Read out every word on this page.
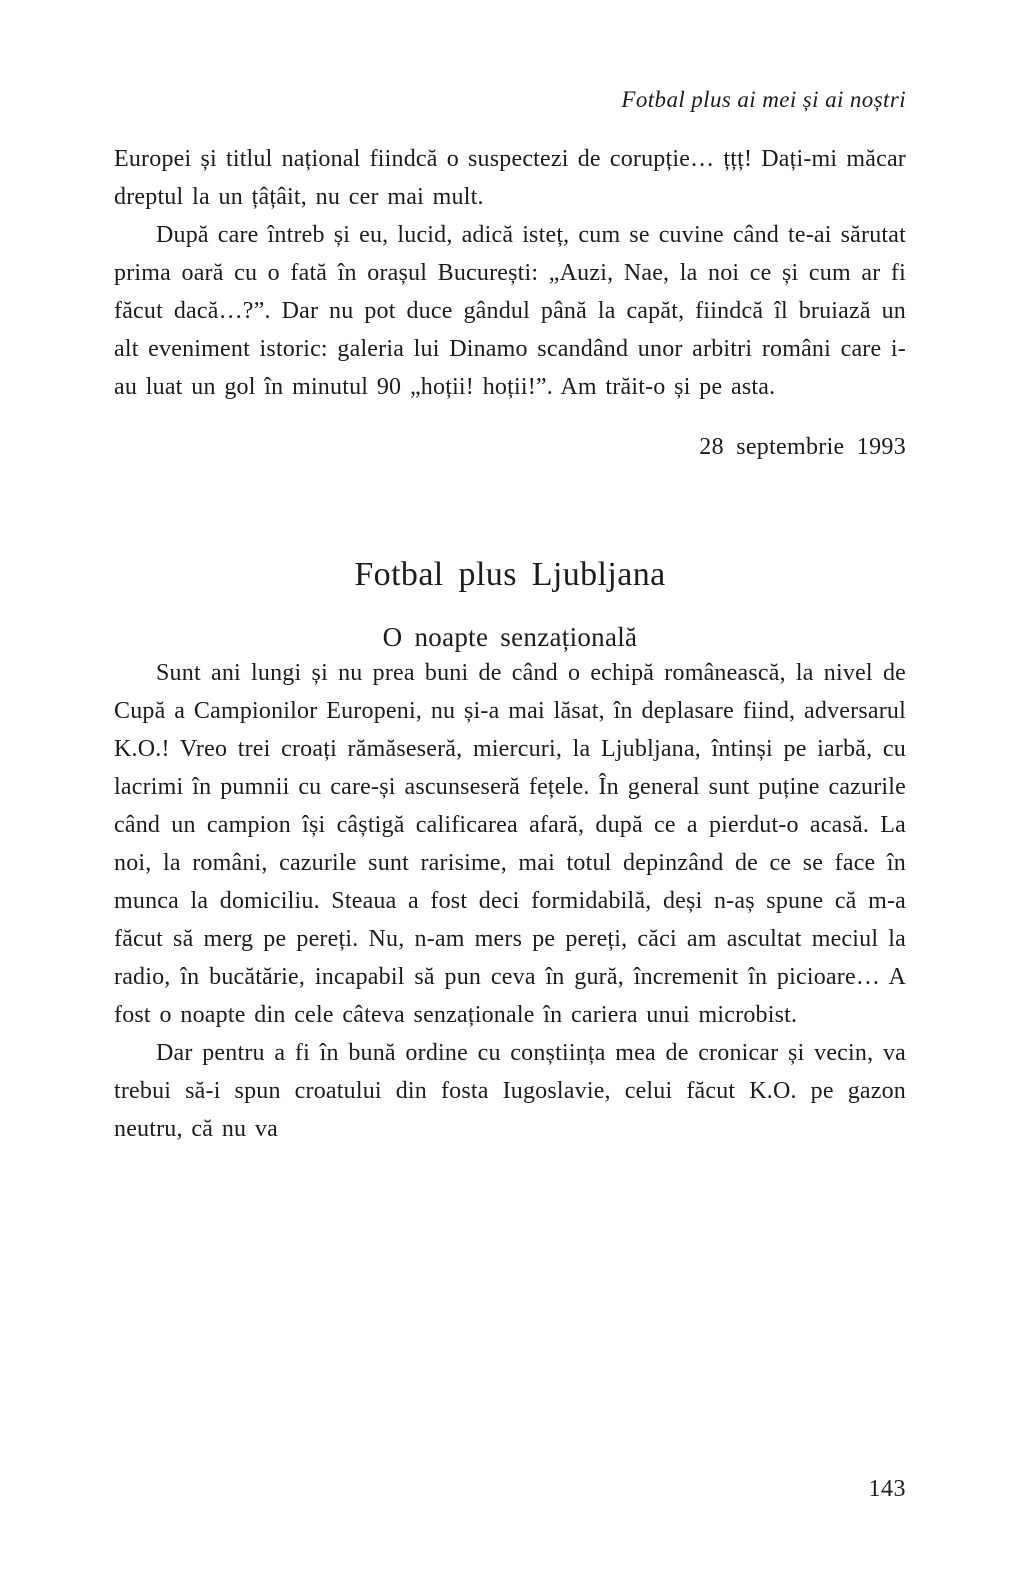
Fotbal plus ai mei și ai noștri

Europei și titlul național fiindcă o suspectezi de corupție… țțț! Dați-mi măcar dreptul la un țâțâit, nu cer mai mult.

După care întreb și eu, lucid, adică isteț, cum se cuvine când te-ai sărutat prima oară cu o fată în orașul București: „Auzi, Nae, la noi ce și cum ar fi făcut dacă…?”. Dar nu pot duce gândul până la capăt, fiindcă îl bruiază un alt eveniment istoric: galeria lui Dinamo scandând unor arbitri români care i-au luat un gol în minutul 90 „hoții! hoții!”. Am trăit-o și pe asta.

28 septembrie 1993
Fotbal plus Ljubljana
O noapte senzațională

Sunt ani lungi și nu prea buni de când o echipă românească, la nivel de Cupă a Campionilor Europeni, nu și-a mai lăsat, în deplasare fiind, adversarul K.O.! Vreo trei croați rămăseseră, miercuri, la Ljubljana, întinși pe iarbă, cu lacrimi în pumnii cu care-și ascunseseră fețele. În general sunt puține cazurile când un campion își câștigă calificarea afară, după ce a pierdut-o acasă. La noi, la români, cazurile sunt rarisime, mai totul depinzând de ce se face în munca la domiciliu. Steaua a fost deci formidabilă, deși n-aș spune că m-a făcut să merg pe pereți. Nu, n-am mers pe pereți, căci am ascultat meciul la radio, în bucătărie, incapabil să pun ceva în gură, încremenit în picioare… A fost o noapte din cele câteva senzaționale în cariera unui microbist.

Dar pentru a fi în bună ordine cu conștiința mea de cronicar și vecin, va trebui să-i spun croatului din fosta Iugoslavie, celui făcut K.O. pe gazon neutru, că nu va

143
